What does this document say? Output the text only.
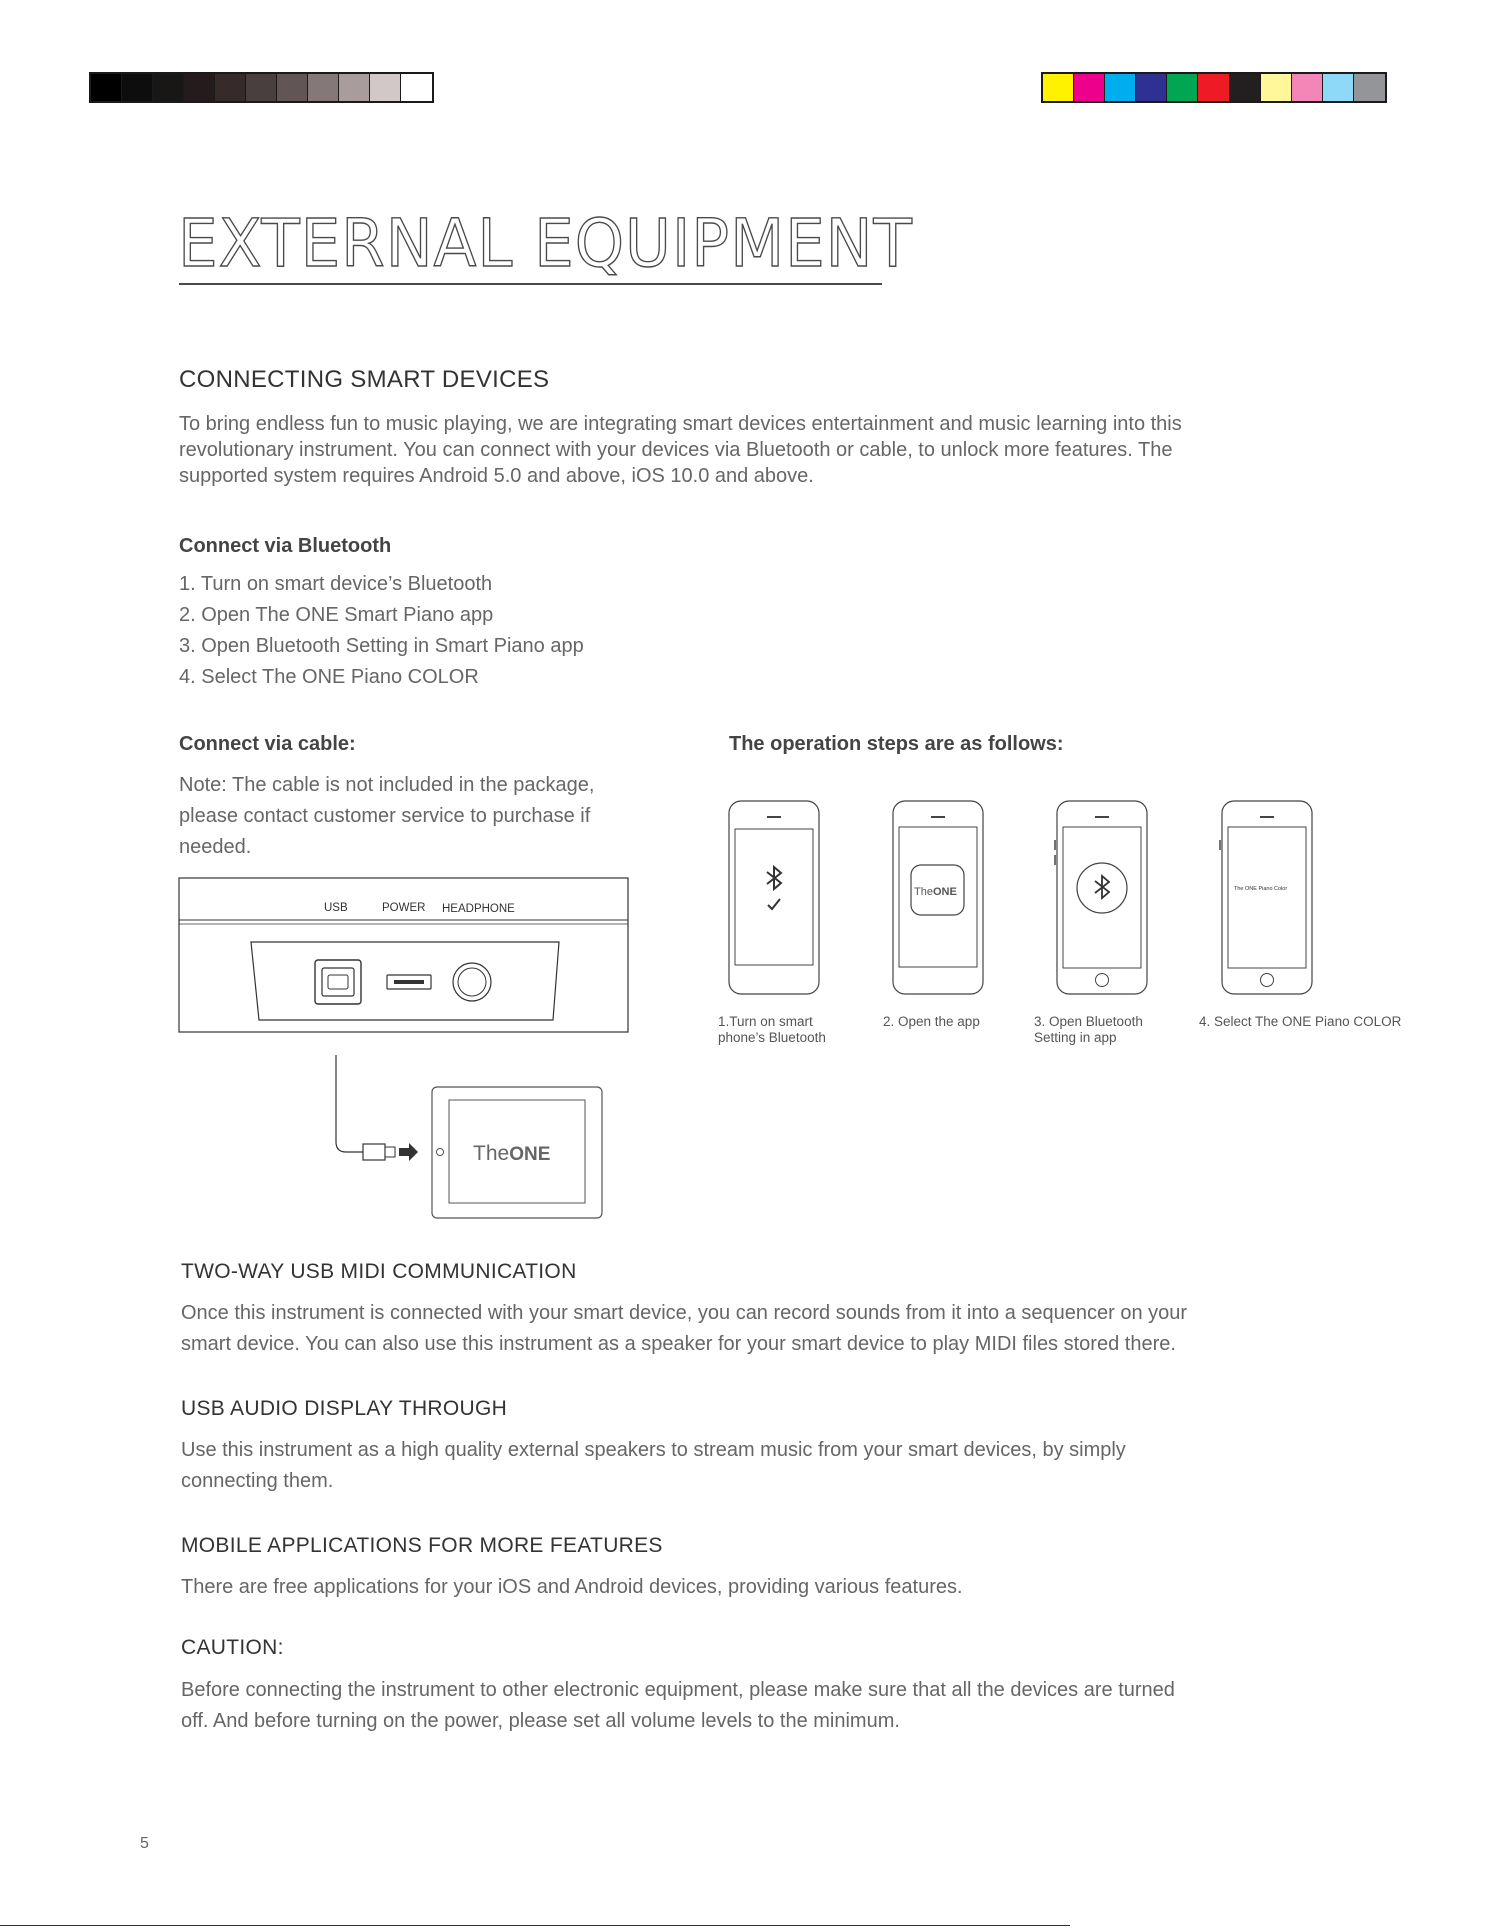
EXTERNAL EQUIPMENT
CONNECTING SMART DEVICES

To bring endless fun to music playing, we are integrating smart devices entertainment and music learning into this
revolutionary instrument. You can connect with your devices via Bluetooth or cable, to unlock more features. The
supported system requires Android 5.0 and above, iOS 10.0 and above.

Connect via Bluetooth
1. Turn on smart device’s Bluetooth
2. Open The ONE Smart Piano app
3. Open Bluetooth Setting in Smart Piano app
4. Select The ONE Piano COLOR
Connect via cable:

Note: The cable is not included in the package,
please contact customer service to purchase if
needed.

USB	POWER HEADPHONE
TheONE
The operation steps are as follows:
TheONE	The ONE Piano Color
1.Turn on smart
phone’s Bluetooth
2. Open the app	3. Open Bluetooth
Setting in app
4. Select The ONE Piano COLOR
TWO-WAY USB MIDI COMMUNICATION

Once this instrument is connected with your smart device, you can record sounds from it into a sequencer on your
smart device. You can also use this instrument as a speaker for your smart device to play MIDI files stored there.

USB AUDIO DISPLAY THROUGH

Use this instrument as a high quality external speakers to stream music from your smart devices, by simply
connecting them.

MOBILE APPLICATIONS FOR MORE FEATURES

There are free applications for your iOS and Android devices, providing various features.

CAUTION:

Before connecting the instrument to other electronic equipment, please make sure that all the devices are turned
off. And before turning on the power, please set all volume levels to the minimum.

5
